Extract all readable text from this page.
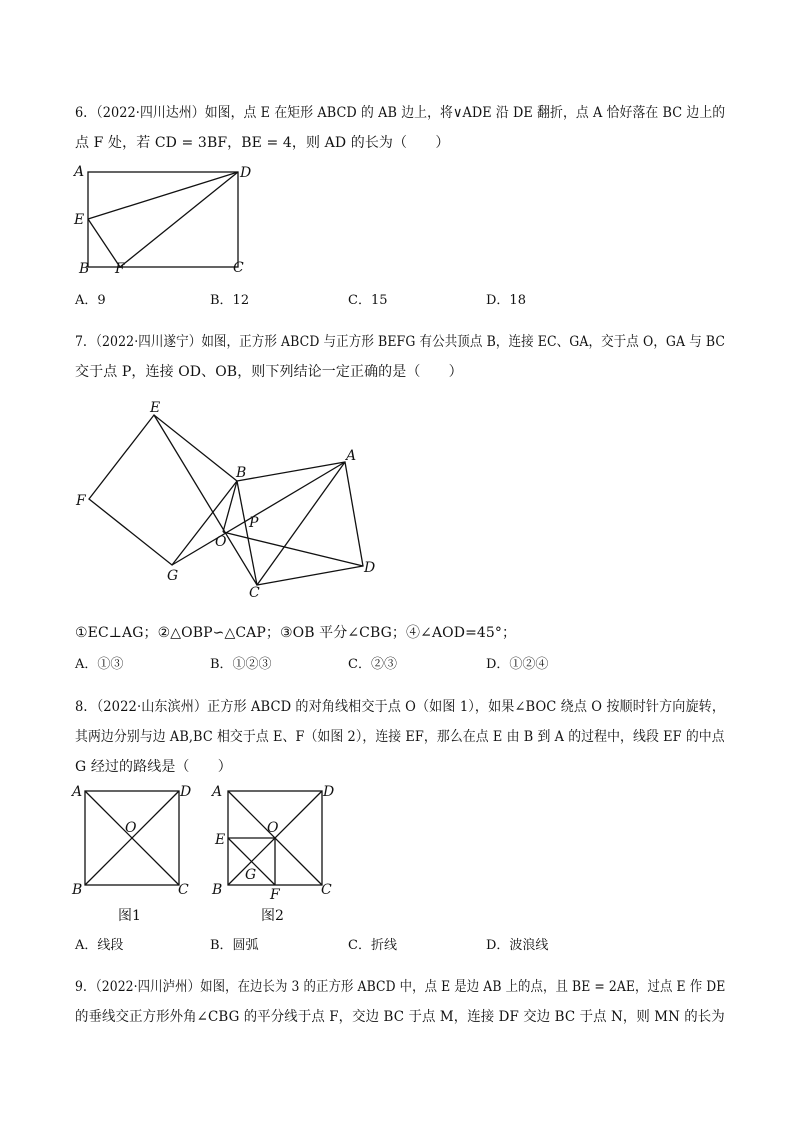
6．（2022·四川达州）如图，点 E 在矩形 ABCD 的 AB 边上，将∨ADE 沿 DE 翻折，点 A 恰好落在 BC 边上的
点 F 处，若 CD = 3BF，BE = 4，则 AD 的长为（　　）
A	D
E
B F	C
A．9	B．12	C．15	D．18
7．（2022·四川遂宁）如图，正方形 ABCD 与正方形 BEFG 有公共顶点 B，连接 EC、GA，交于点 O，GA 与 BC
交于点 P，连接 OD、OB，则下列结论一定正确的是（　　）
E
F
B
A
P
O
G	D
C
①EC⊥AG；②△OBP∽△CAP；③OB 平分∠CBG；④∠AOD=45°；
A．①③	B．①②③	C．②③	D．①②④
8．（2022·山东滨州）正方形 ABCD 的对角线相交于点 O（如图 1），如果∠BOC 绕点 O 按顺时针方向旋转，
其两边分别与边 AB,BC 相交于点 E、F（如图 2），连接 EF，那么在点 E 由 B 到 A 的过程中，线段 EF 的中点
G 经过的路线是（　　）
A	D
O
B	C
图1
E
A	D
O
G
B	F	C
图2
A．线段	B．圆弧	C．折线	D．波浪线
9．（2022·四川泸州）如图，在边长为 3 的正方形 ABCD 中，点 E 是边 AB 上的点，且 BE = 2AE，过点 E 作 DE
的垂线交正方形外角∠CBG 的平分线于点 F，交边 BC 于点 M，连接 DF 交边 BC 于点 N，则 MN 的长为
